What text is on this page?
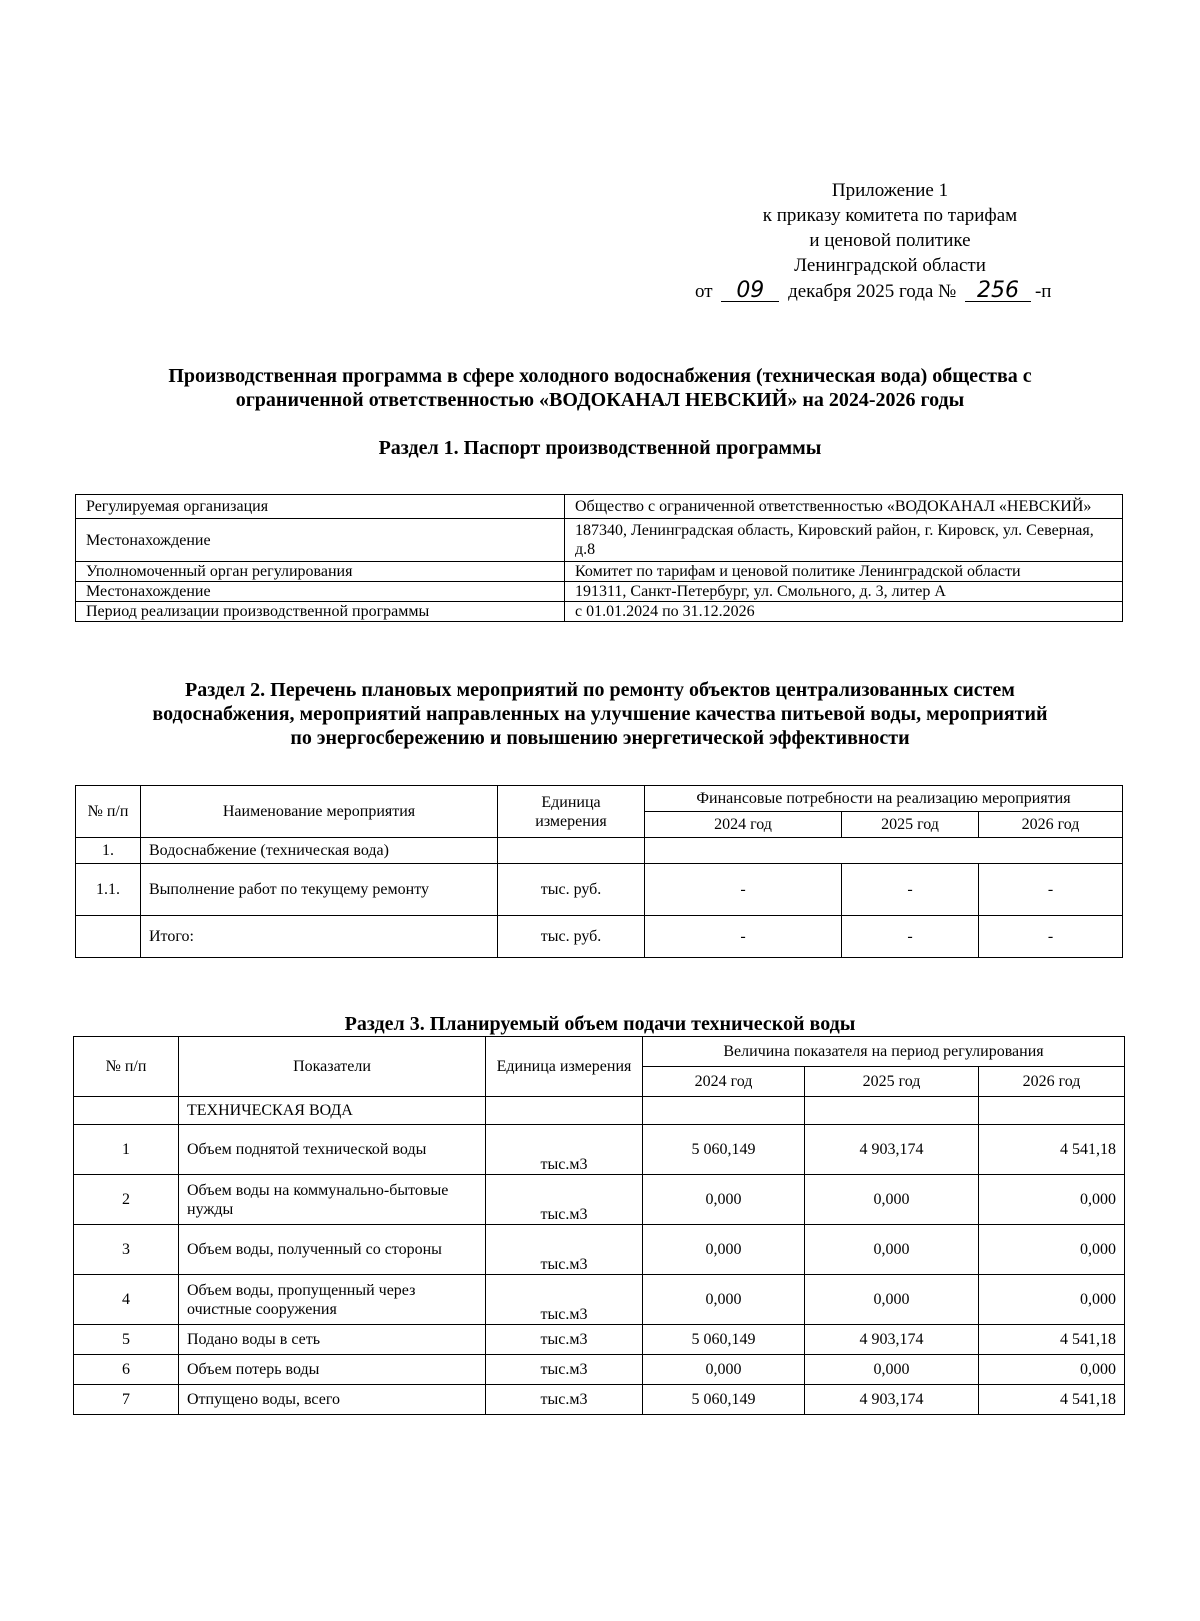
Приложение 1
к приказу комитета по тарифам
и ценовой политике
Ленинградской области
от 09 декабря 2025 года № 256 -п
Производственная программа в сфере холодного водоснабжения (техническая вода) общества с
ограниченной ответственностью «ВОДОКАНАЛ НЕВСКИЙ» на 2024-2026 годы
Раздел 1. Паспорт производственной программы
Регулируемая организация	Общество с ограниченной ответственностью «ВОДОКАНАЛ «НЕВСКИЙ»
Местонахождение	187340, Ленинградская область, Кировский район, г. Кировск, ул. Северная, д.8
Уполномоченный орган регулирования	Комитет по тарифам и ценовой политике Ленинградской области
Местонахождение	191311, Санкт-Петербург, ул. Смольного, д. 3, литер А
Период реализации производственной программы	с 01.01.2024 по 31.12.2026
Раздел 2. Перечень плановых мероприятий по ремонту объектов централизованных систем
водоснабжения, мероприятий направленных на улучшение качества питьевой воды, мероприятий
по энергосбережению и повышению энергетической эффективности
№ п/п	Наименование мероприятия	Единица измерения	Финансовые потребности на реализацию мероприятия		
			2024 год	2025 год	2026 год
1.	Водоснабжение (техническая вода)				
1.1.	Выполнение работ по текущему ремонту	тыс. руб.	-	-	-
	Итого:	тыс. руб.	-	-	-
Раздел 3. Планируемый объем подачи технической воды
№ п/п	Показатели	Единица измерения	Величина показателя на период регулирования		
			2024 год	2025 год	2026 год
	ТЕХНИЧЕСКАЯ ВОДА				
1	Объем поднятой технической воды	тыс.м3	5 060,149	4 903,174	4 541,18
2	Объем воды на коммунально-бытовые нужды	тыс.м3	0,000	0,000	0,000
3	Объем воды, полученный со стороны	тыс.м3	0,000	0,000	0,000
4	Объем воды, пропущенный через очистные сооружения	тыс.м3	0,000	0,000	0,000
5	Подано воды в сеть	тыс.м3	5 060,149	4 903,174	4 541,18
6	Объем потерь воды	тыс.м3	0,000	0,000	0,000
7	Отпущено воды, всего	тыс.м3	5 060,149	4 903,174	4 541,18
